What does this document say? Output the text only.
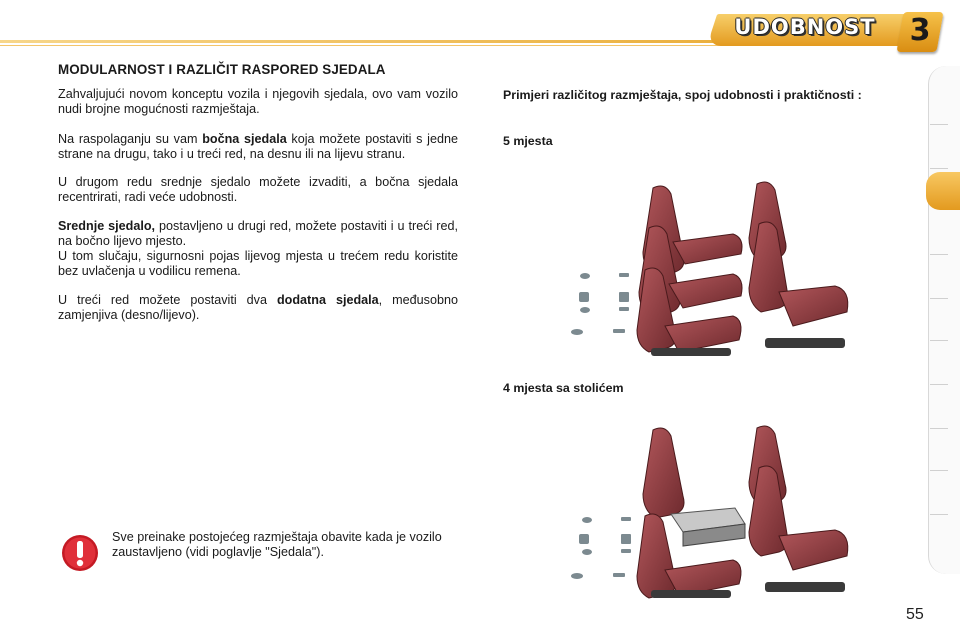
UDOBNOST	3
MODULARNOST I RAZLIČIT RASPORED SJEDALA

Zahvaljujući novom konceptu vozila i njegovih sjedala, ovo vam vozilo nudi brojne mogućnosti razmještaja.

Na raspolaganju su vam bočna sjedala koja možete postaviti s jedne strane na drugu, tako i u treći red, na desnu ili na lijevu stranu.

U drugom redu srednje sjedalo možete izvaditi, a bočna sjedala recentrirati, radi veće udobnosti.

Srednje sjedalo, postavljeno u drugi red, možete postaviti i u treći red, na bočno lijevo mjesto.

U tom slučaju, sigurnosni pojas lijevog mjesta u trećem redu koristite bez uvlačenja u vodilicu remena.

U treći red možete postaviti dva dodatna sjedala, međusobno zamjenjiva (desno/lijevo).

Sve preinake postojećeg razmještaja obavite kada je vozilo zaustavljeno (vidi poglavlje "Sjedala").

Primjeri različitog razmještaja, spoj udobnosti i praktičnosti :

5 mjesta

4 mjesta sa stolićem

55
